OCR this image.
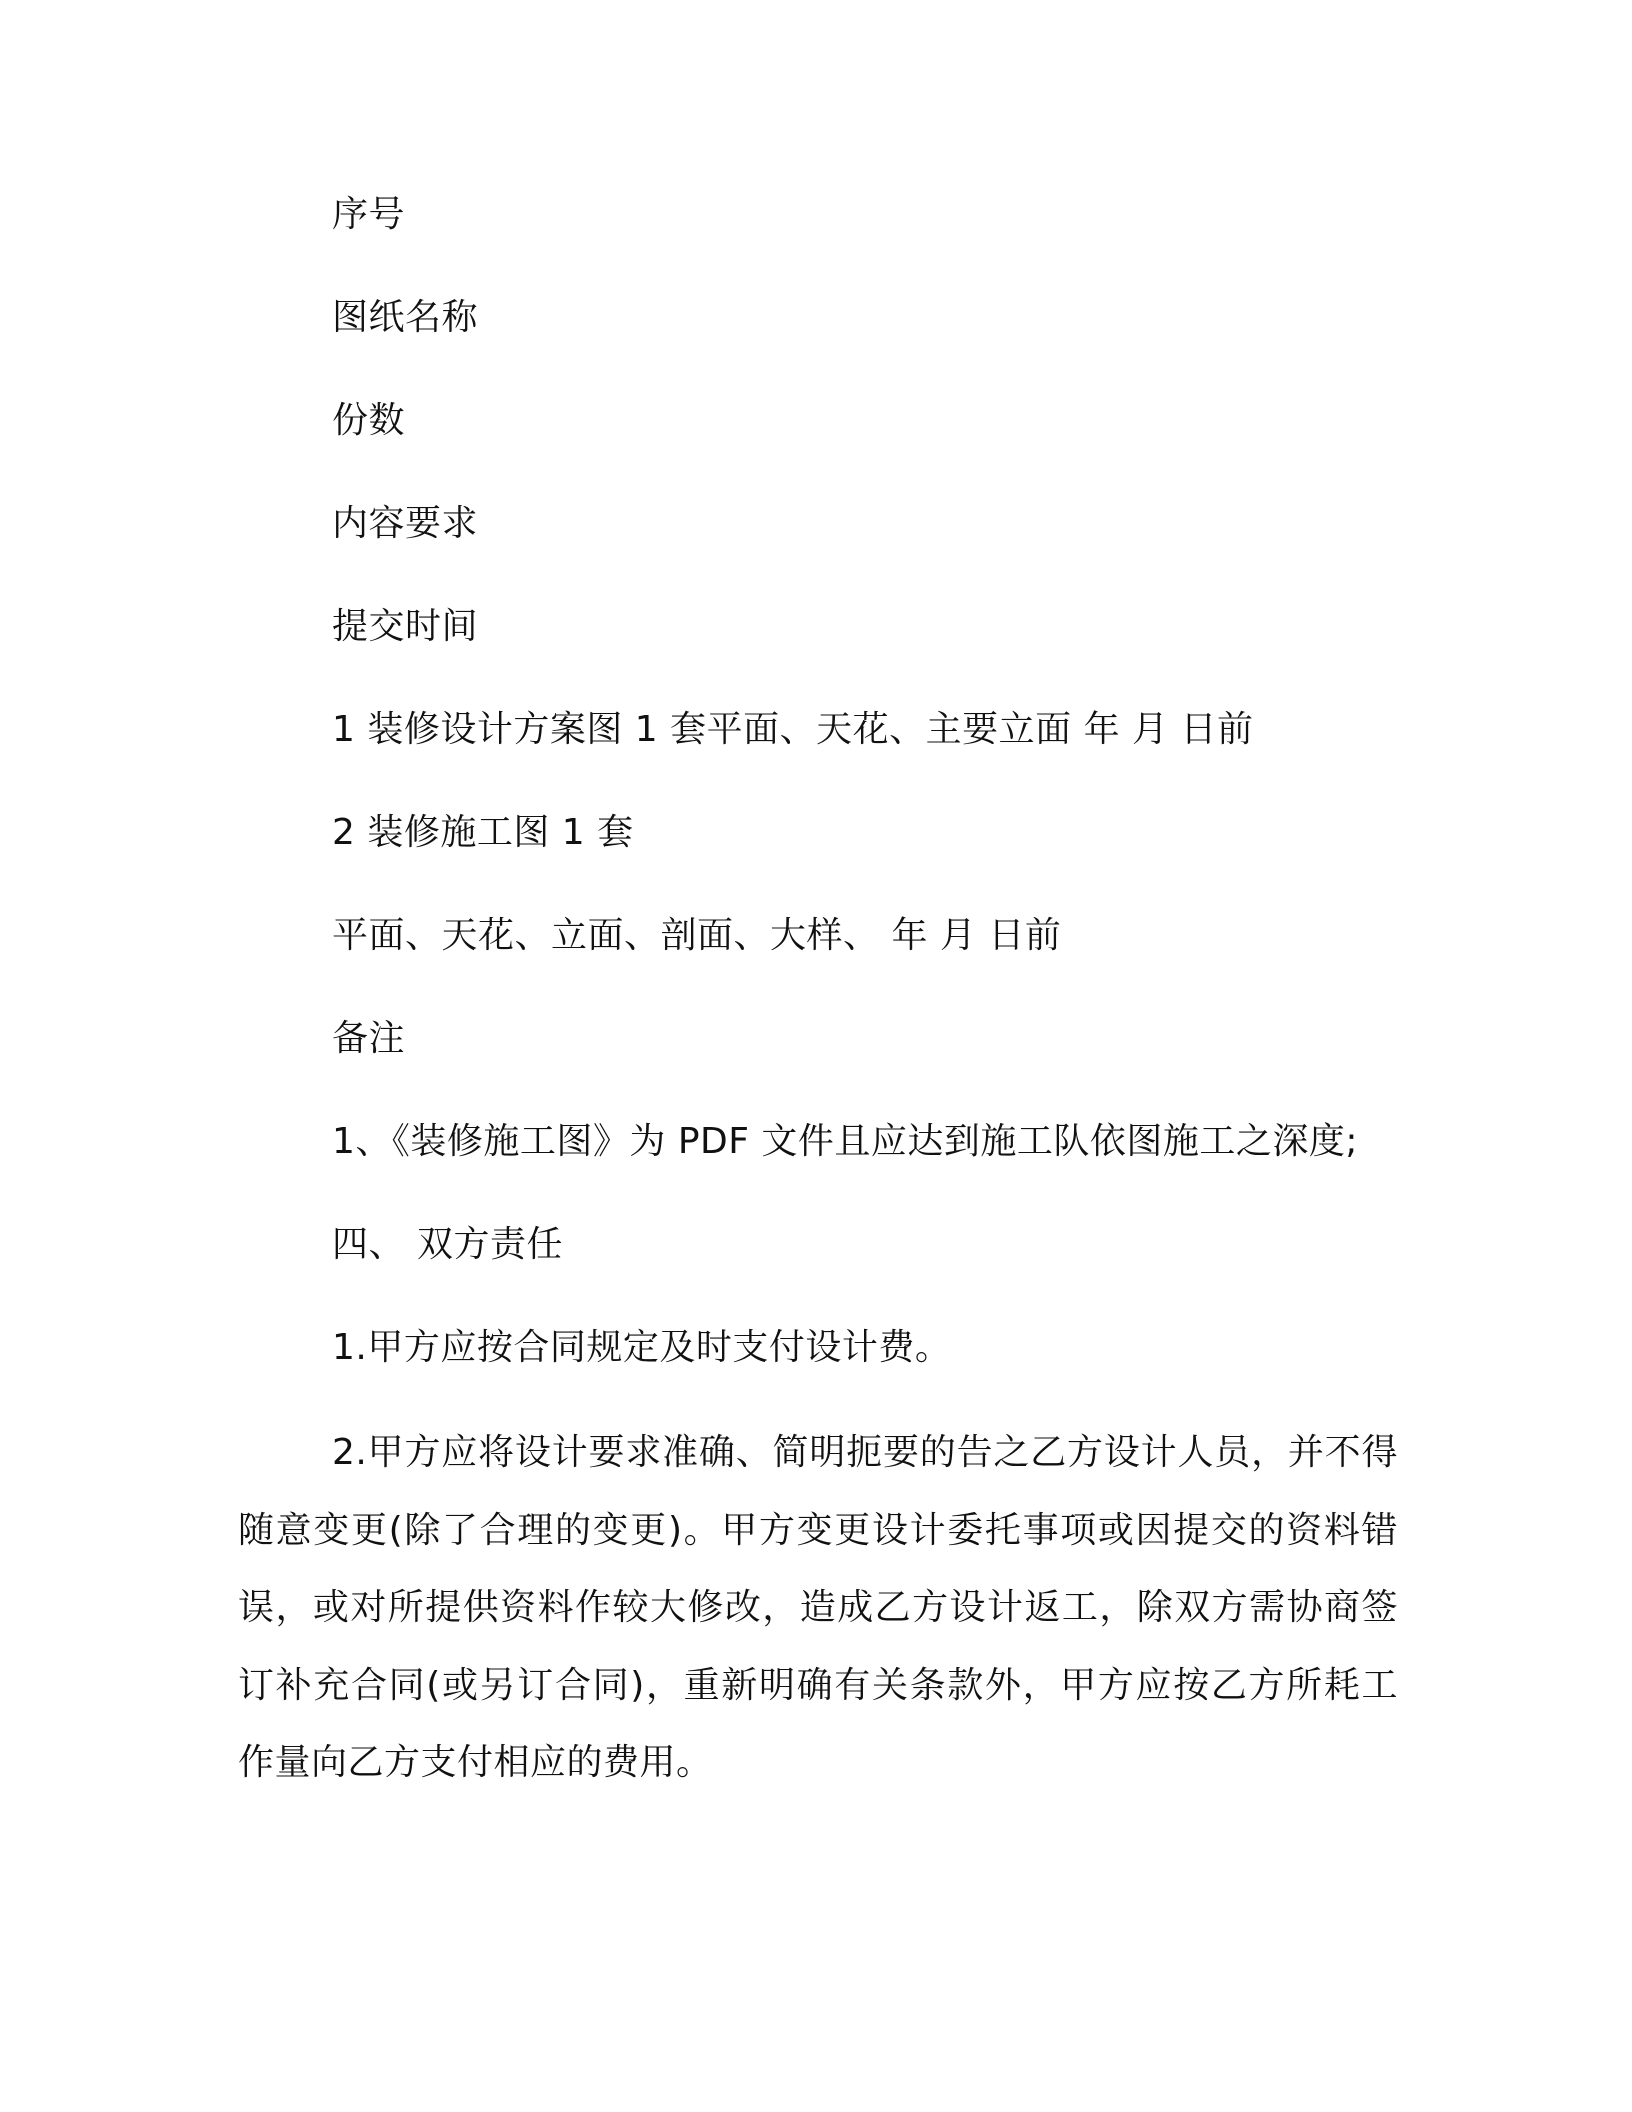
序号
图纸名称
份数
内容要求
提交时间
1 装修设计方案图 1 套平面、天花、主要立面 年 月 日前
2 装修施工图 1 套
平面、天花、立面、剖面、大样、 年 月 日前
备注
1、《装修施工图》为 PDF 文件且应达到施工队依图施工之深度;
四、 双方责任
1.甲方应按合同规定及时支付设计费。
2.甲方应将设计要求准确、简明扼要的告之乙方设计人员，并不得随意变更(除了合理的变更)。甲方变更设计委托事项或因提交的资料错误，或对所提供资料作较大修改，造成乙方设计返工，除双方需协商签订补充合同(或另订合同)，重新明确有关条款外，甲方应按乙方所耗工作量向乙方支付相应的费用。
